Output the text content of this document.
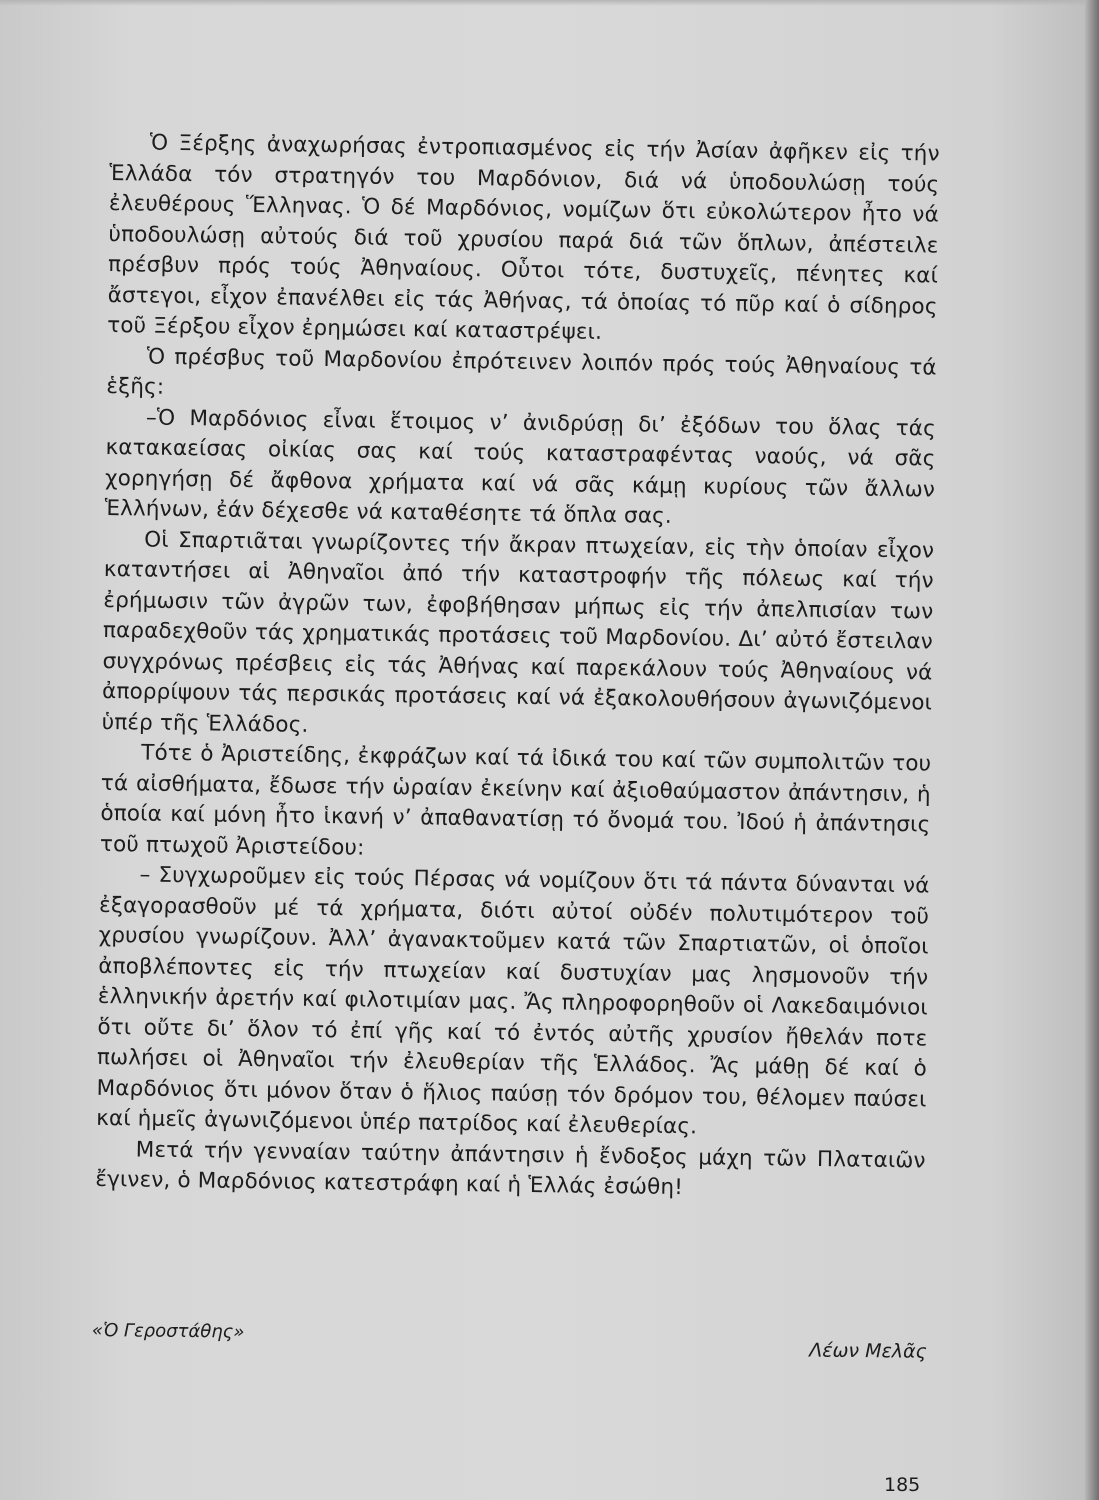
Ὁ Ξέρξης ἀναχωρήσας ἐντροπιασμένος εἰς τήν Ἀσίαν ἀφῆκεν εἰς τήν Ἑλλάδα τόν στρατηγόν του Μαρδόνιον, διά νά ὑποδουλώσῃ τούς ἐλευθέρους Ἕλληνας. Ὁ δέ Μαρδόνιος, νομίζων ὅτι εὐκολώτερον ἦτο νά ὑποδουλώσῃ αὐτούς διά τοῦ χρυσίου παρά διά τῶν ὅπλων, ἀπέστειλε πρέσβυν πρός τούς Ἀθηναίους. Οὗτοι τότε, δυστυχεῖς, πένητες καί ἄστεγοι, εἶχον ἐπανέλθει εἰς τάς Ἀθήνας, τά ὁποίας τό πῦρ καί ὁ σίδηρος τοῦ Ξέρξου εἶχον ἐρημώσει καί καταστρέψει.

Ὁ πρέσβυς τοῦ Μαρδονίου ἐπρότεινεν λοιπόν πρός τούς Ἀθηναίους τά ἑξῆς:

–Ὁ Μαρδόνιος εἶναι ἕτοιμος ν’ ἀνιδρύσῃ δι’ ἐξόδων του ὅλας τάς κατακαείσας οἰκίας σας καί τούς καταστραφέντας ναούς, νά σᾶς χορηγήσῃ δέ ἄφθονα χρήματα καί νά σᾶς κάμῃ κυρίους τῶν ἄλλων Ἑλλήνων, ἐάν δέχεσθε νά καταθέσητε τά ὅπλα σας.

Οἱ Σπαρτιᾶται γνωρίζοντες τήν ἄκραν πτωχείαν, εἰς τὴν ὁποίαν εἶχον καταντήσει αἱ Ἀθηναῖοι ἀπό τήν καταστροφήν τῆς πόλεως καί τήν ἐρήμωσιν τῶν ἀγρῶν των, ἐφοβήθησαν μήπως εἰς τήν ἀπελπισίαν των παραδεχθοῦν τάς χρηματικάς προτάσεις τοῦ Μαρδονίου. Δι’ αὐτό ἔστειλαν συγχρόνως πρέσβεις εἰς τάς Ἀθήνας καί παρεκάλουν τούς Ἀθηναίους νά ἀπορρίψουν τάς περσικάς προτάσεις καί νά ἐξακολουθήσουν ἀγωνιζόμενοι ὑπέρ τῆς Ἑλλάδος.

Τότε ὁ Ἀριστείδης, ἐκφράζων καί τά ἰδικά του καί τῶν συμπολιτῶν του τά αἰσθήματα, ἔδωσε τήν ὡραίαν ἐκείνην καί ἀξιοθαύμαστον ἀπάντησιν, ἡ ὁποία καί μόνη ἦτο ἱκανή ν’ ἀπαθανατίσῃ τό ὄνομά του. Ἰδού ἡ ἀπάντησις τοῦ πτωχοῦ Ἀριστείδου:

– Συγχωροῦμεν εἰς τούς Πέρσας νά νομίζουν ὅτι τά πάντα δύνανται νά ἐξαγορασθοῦν μέ τά χρήματα, διότι αὐτοί οὐδέν πολυτιμότερον τοῦ χρυσίου γνωρίζουν. Ἀλλ’ ἀγανακτοῦμεν κατά τῶν Σπαρτιατῶν, οἱ ὁποῖοι ἀποβλέποντες εἰς τήν πτωχείαν καί δυστυχίαν μας λησμονοῦν τήν ἑλληνικήν ἀρετήν καί φιλοτιμίαν μας. Ἄς πληροφορηθοῦν οἱ Λακεδαιμόνιοι ὅτι οὔτε δι’ ὅλον τό ἐπί γῆς καί τό ἐντός αὐτῆς χρυσίον ἤθελάν ποτε πωλήσει οἱ Ἀθηναῖοι τήν ἐλευθερίαν τῆς Ἑλλάδος. Ἄς μάθῃ δέ καί ὁ Μαρδόνιος ὅτι μόνον ὅταν ὁ ἥλιος παύσῃ τόν δρόμον του, θέλομεν παύσει καί ἡμεῖς ἀγωνιζόμενοι ὑπέρ πατρίδος καί ἐλευθερίας.

Μετά τήν γενναίαν ταύτην ἀπάντησιν ἡ ἔνδοξος μάχη τῶν Πλαταιῶν ἔγινεν, ὁ Μαρδόνιος κατεστράφη καί ἡ Ἑλλάς ἐσώθη!

«Ὁ Γεροστάθης»
Λέων Μελᾶς
185
